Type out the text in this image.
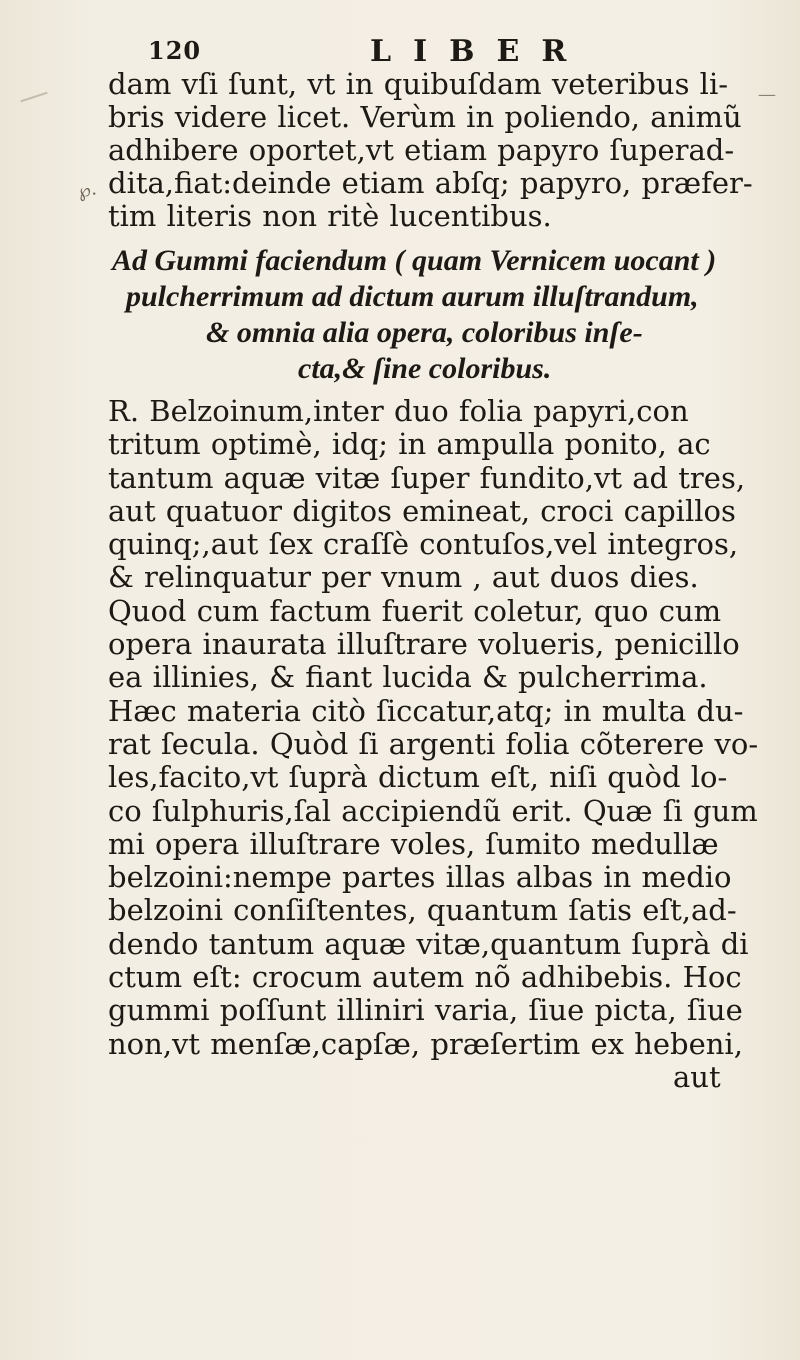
℘.
—
120	LIBER
dam vſi ſunt, vt in quibuſdam veteribus li-
bris videre licet. Verùm in poliendo, animũ
adhibere oportet,vt etiam papyro ſuperad-
dita,fiat:deinde etiam abſq; papyro, præfer-
tim literis non ritè lucentibus.
Ad Gummi faciendum ( quam Vernicem uocant )
pulcherrimum ad dictum aurum illuſtrandum,
& omnia alia opera, coloribus inſe-
cta,& ſine coloribus.
R. Belzoinum,inter duo folia papyri,con
tritum optimè, idq; in ampulla ponito, ac
tantum aquæ vitæ ſuper fundito,vt ad tres,
aut quatuor digitos emineat, croci capillos
quinq;,aut ſex craſſè contuſos,vel integros,
& relinquatur per vnum , aut duos dies.
Quod cum factum fuerit coletur, quo cum
opera inaurata illuſtrare volueris, penicillo
ea illinies, & fiant lucida & pulcherrima.
Hæc materia citò ſiccatur,atq; in multa du-
rat ſecula. Quòd ſi argenti folia cõterere vo-
les,facito,vt ſuprà dictum eſt, niſi quòd lo-
co ſulphuris,ſal accipiendũ erit. Quæ ſi gum
mi opera illuſtrare voles, ſumito medullæ
belzoini:nempe partes illas albas in medio
belzoini conſiſtentes, quantum ſatis eſt,ad-
dendo tantum aquæ vitæ,quantum ſuprà di
ctum eſt: crocum autem nõ adhibebis. Hoc
gummi poſſunt illiniri varia, ſiue picta, ſiue
non,vt menſæ,capſæ, præſertim ex hebeni,
aut
